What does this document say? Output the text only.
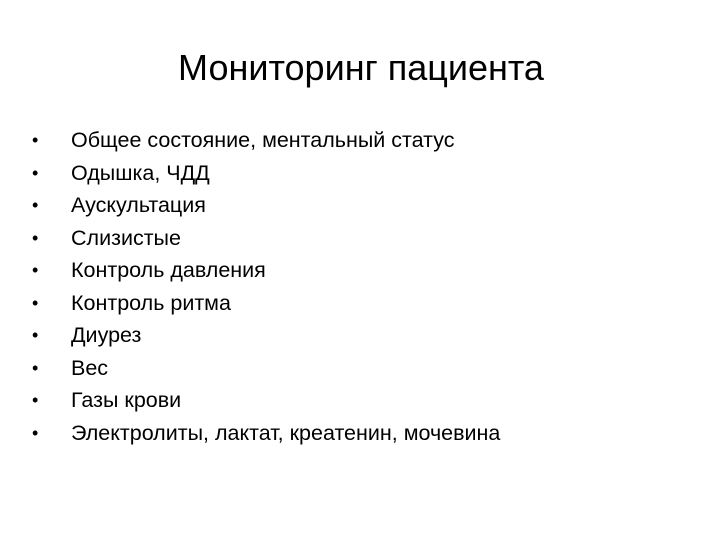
Мониторинг пациента
•	Общее состояние, ментальный статус
•	Одышка, ЧДД
•	Аускультация
•	Слизистые
•	Контроль давления
•	Контроль ритма
•	Диурез
•	Вес
•	Газы крови
•	Электролиты, лактат, креатенин, мочевина
